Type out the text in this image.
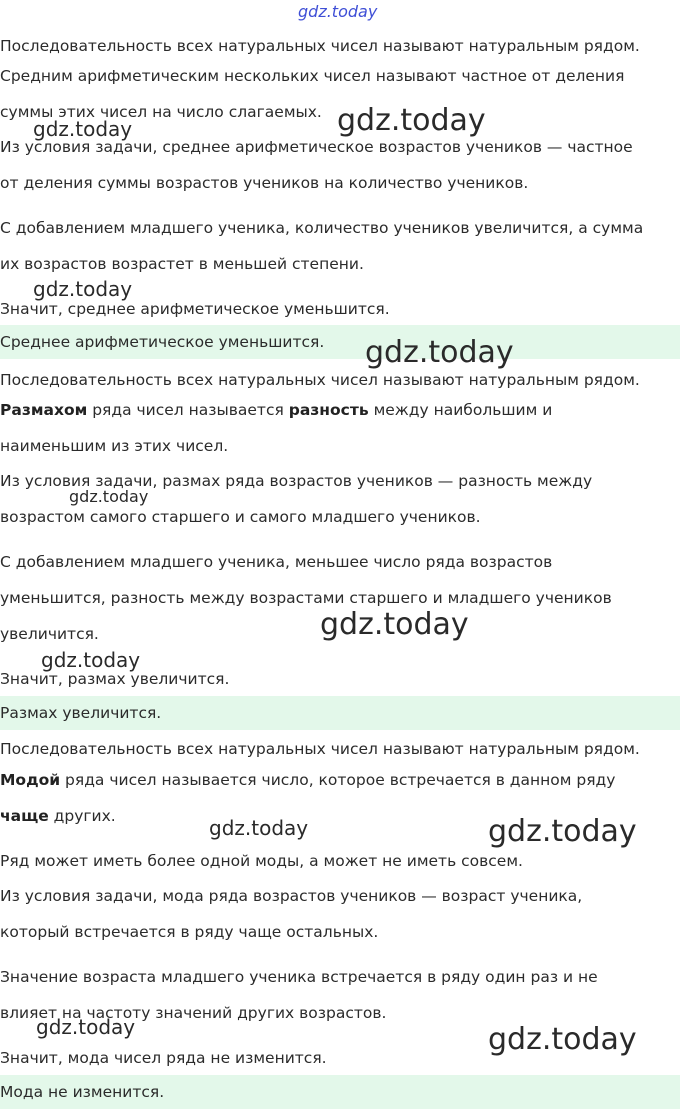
Последовательность всех натуральных чисел называют натуральным рядом.
Средним арифметическим нескольких чисел называют частное от деления
суммы этих чисел на число слагаемых.
Из условия задачи, среднее арифметическое возрастов учеников — частное
от деления суммы возрастов учеников на количество учеников.
С добавлением младшего ученика, количество учеников увеличится, а сумма
их возрастов возрастет в меньшей степени.
Значит, среднее арифметическое уменьшится.
Среднее арифметическое уменьшится.
Последовательность всех натуральных чисел называют натуральным рядом.
Размахом ряда чисел называется разность между наибольшим и
наименьшим из этих чисел.
Из условия задачи, размах ряда возрастов учеников — разность между
возрастом самого старшего и самого младшего учеников.
С добавлением младшего ученика, меньшее число ряда возрастов
уменьшится, разность между возрастами старшего и младшего учеников
увеличится.
Значит, размах увеличится.
Размах увеличится.
Последовательность всех натуральных чисел называют натуральным рядом.
Модой ряда чисел называется число, которое встречается в данном ряду
чаще других.
Ряд может иметь более одной моды, а может не иметь совсем.
Из условия задачи, мода ряда возрастов учеников — возраст ученика,
который встречается в ряду чаще остальных.
Значение возраста младшего ученика встречается в ряду один раз и не
влияет на частоту значений других возрастов.
Значит, мода чисел ряда не изменится.
Мода не изменится.
gdz.today
gdz.today	gdz.today
gdz.today
gdz.today
gdz.today
gdz.today
gdz.today
gdz.today	gdz.today
gdz.today	gdz.today
